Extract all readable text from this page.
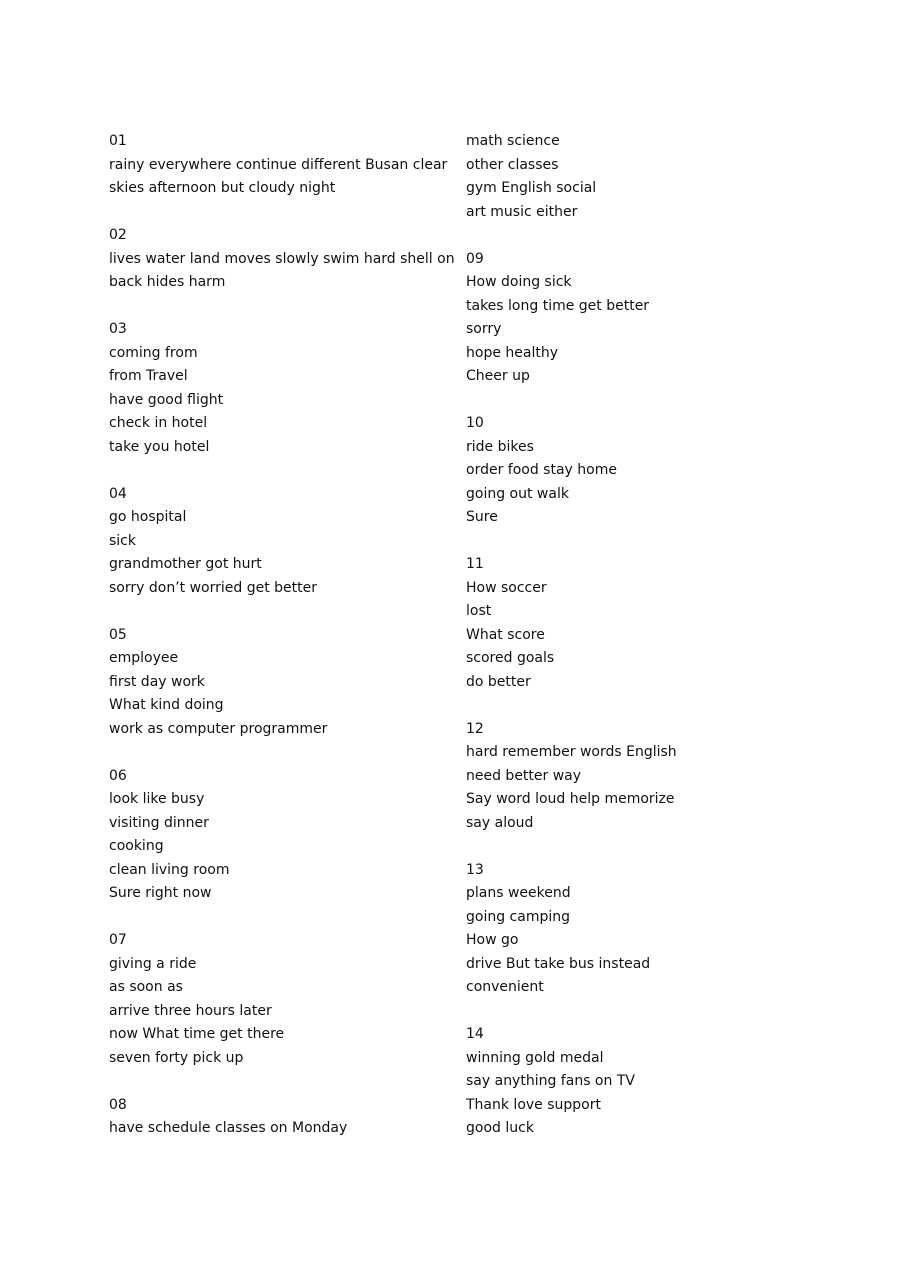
01
rainy everywhere continue different Busan clear
skies afternoon but cloudy night
02
lives water land moves slowly swim hard shell on
back hides harm
03
coming from
from Travel
have good flight
check in hotel
take you hotel
04
go hospital
sick
grandmother got hurt
sorry don’t worried get better
05
employee
first day work
What kind doing
work as computer programmer
06
look like busy
visiting dinner
cooking
clean living room
Sure right now
07
giving a ride
as soon as
arrive three hours later
now What time get there
seven forty pick up
08
have schedule classes on Monday
math science
other classes
gym English social
art music either
09
How doing sick
takes long time get better
sorry
hope healthy
Cheer up
10
ride bikes
order food stay home
going out walk
Sure
11
How soccer
lost
What score
scored goals
do better
12
hard remember words English
need better way
Say word loud help memorize
say aloud
13
plans weekend
going camping
How go
drive But take bus instead
convenient
14
winning gold medal
say anything fans on TV
Thank love support
good luck
